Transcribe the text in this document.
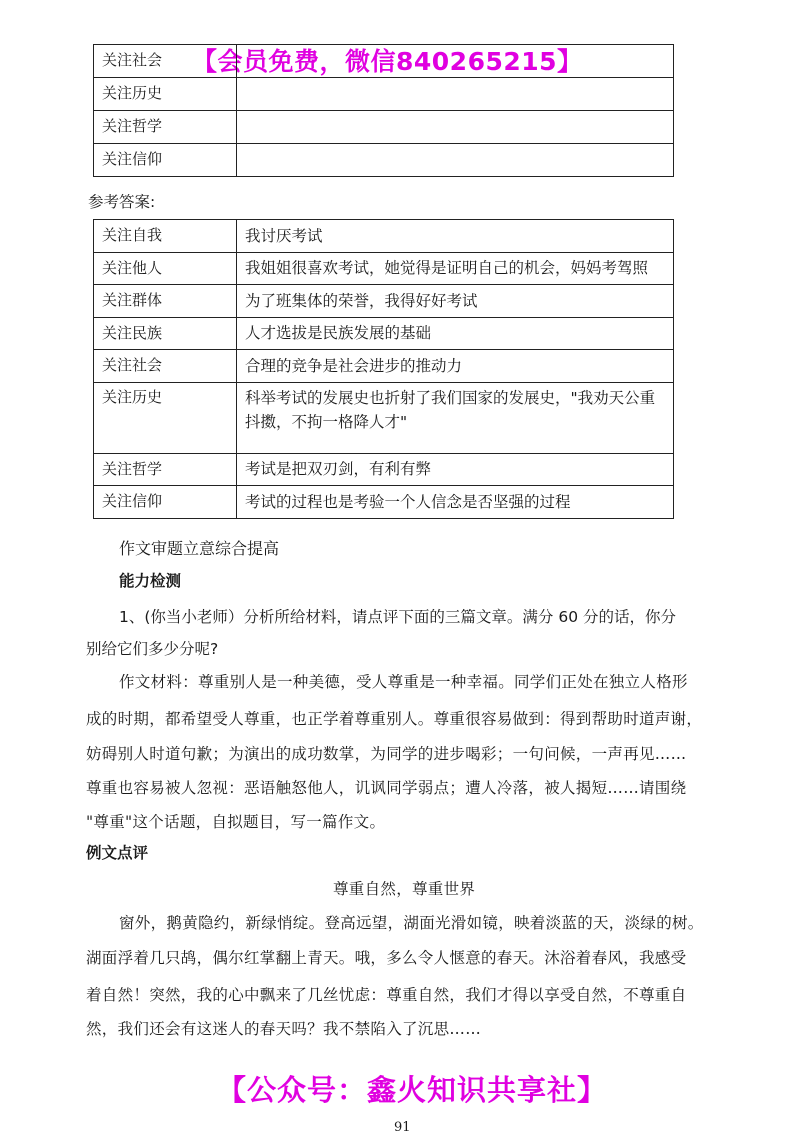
【会员免费，微信840265215】
关注社会	
关注历史	
关注哲学	
关注信仰	
参考答案:
关注自我	我讨厌考试
关注他人	我姐姐很喜欢考试，她觉得是证明自己的机会，妈妈考驾照
关注群体	为了班集体的荣誉，我得好好考试
关注民族	人才选拔是民族发展的基础
关注社会	合理的竞争是社会进步的推动力
关注历史	科举考试的发展史也折射了我们国家的发展史，"我劝天公重
抖擞，不拘一格降人才"

关注哲学	考试是把双刃剑，有利有弊
关注信仰	考试的过程也是考验一个人信念是否坚强的过程
作文审题立意综合提高
能力检测
1、(你当小老师）分析所给材料，请点评下面的三篇文章。满分 60 分的话，你分
别给它们多少分呢?
作文材料：尊重别人是一种美德，受人尊重是一种幸福。同学们正处在独立人格形
成的时期，都希望受人尊重，也正学着尊重别人。尊重很容易做到：得到帮助时道声谢，
妨碍别人时道句歉；为演出的成功数掌，为同学的进步喝彩；一句问候，一声再见……
尊重也容易被人忽视：恶语触怒他人，讥讽同学弱点；遭人冷落，被人揭短……请围绕
"尊重"这个话题，自拟题目，写一篇作文。
例文点评
尊重自然，尊重世界
窗外，鹅黄隐约，新绿悄绽。登高远望，湖面光滑如镜，映着淡蓝的天，淡绿的树。
湖面浮着几只鸪，偶尔红掌翻上青天。哦，多么令人惬意的春天。沐浴着春风，我感受
着自然！突然，我的心中飘来了几丝忧虑：尊重自然，我们才得以享受自然，不尊重自
然，我们还会有这迷人的春天吗？我不禁陷入了沉思……
【公众号：鑫火知识共享社】
91
